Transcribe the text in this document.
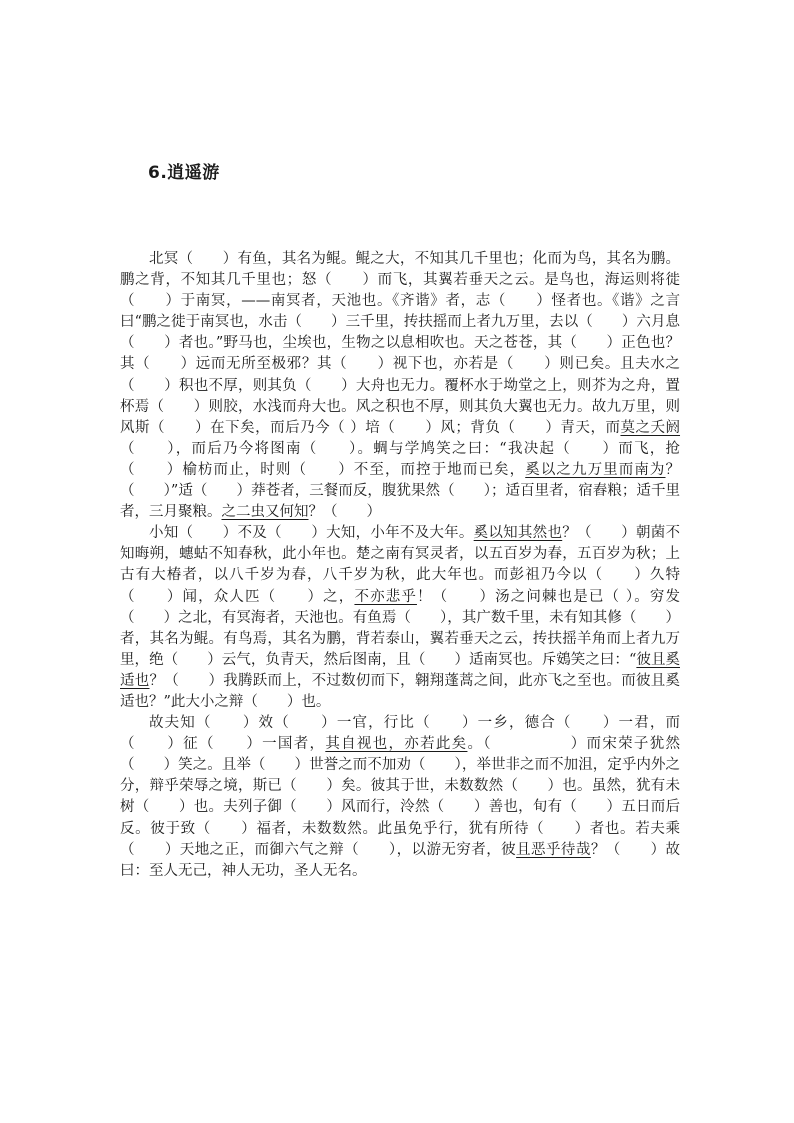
6.逍遥游

北冥（　　）有鱼，其名为鲲。鲲之大，不知其几千里也；化而为鸟，其名为鹏。鹏之背，不知其几千里也；怒（　　）而飞，其翼若垂天之云。是鸟也，海运则将徙（　　）于南冥，——南冥者，天池也。《齐谐》者，志（　　）怪者也。《谐》之言曰“鹏之徙于南冥也，水击（　　）三千里，抟扶摇而上者九万里，去以（　　）六月息（　　）者也。”野马也，尘埃也，生物之以息相吹也。天之苍苍，其（　　）正色也？其（　　）远而无所至极邪？其（　　）视下也，亦若是（　　）则已矣。且夫水之（　　）积也不厚，则其负（　　）大舟也无力。覆杯水于坳堂之上，则芥为之舟，置杯焉（　　）则胶，水浅而舟大也。风之积也不厚，则其负大翼也无力。故九万里，则风斯（　　）在下矣，而后乃今（ ）培（　　）风；背负（　　）青天，而莫之夭阏（　　），而后乃今将图南（　　）。蜩与学鸠笑之曰：“我决起（　　）而飞，抢（　　）榆枋而止，时则（　　）不至，而控于地而已矣，奚以之九万里而南为？（　　）”适（　　）莽苍者，三餐而反，腹犹果然（　　）；适百里者，宿舂粮；适千里者，三月聚粮。之二虫又何知？（　　）

小知（　　）不及（　　）大知，小年不及大年。奚以知其然也？（　　）朝菌不知晦朔，蟪蛄不知春秋，此小年也。楚之南有冥灵者，以五百岁为春，五百岁为秋；上古有大椿者，以八千岁为春，八千岁为秋，此大年也。而彭祖乃今以（　　）久特（　　）闻，众人匹（　　）之，不亦悲乎！（　　）汤之问棘也是已（ ）。穷发（　　）之北，有冥海者，天池也。有鱼焉（　　），其广数千里，未有知其修（　　）者，其名为鲲。有鸟焉，其名为鹏，背若泰山，翼若垂天之云，抟扶摇羊角而上者九万里，绝（　　）云气，负青天，然后图南，且（　　）适南冥也。斥鴳笑之曰：“彼且奚适也？（　　）我腾跃而上，不过数仞而下，翱翔蓬蒿之间，此亦飞之至也。而彼且奚适也？”此大小之辩（　　）也。

故夫知（　　）效（　　）一官，行比（　　）一乡，德合（　　）一君，而（　　）征（　　）一国者，其自视也，亦若此矣。（　　　　　）而宋荣子犹然（　　）笑之。且举（　　）世誉之而不加劝（　　），举世非之而不加沮，定乎内外之分，辩乎荣辱之境，斯已（　　）矣。彼其于世，未数数然（　　）也。虽然，犹有未树（　　）也。夫列子御（　　）风而行，泠然（　　）善也，旬有（　　）五日而后反。彼于致（　　）福者，未数数然。此虽免乎行，犹有所待（　　）者也。若夫乘（　　）天地之正，而御六气之辩（　　），以游无穷者，彼且恶乎待哉？（　　）故曰：至人无己，神人无功，圣人无名。
